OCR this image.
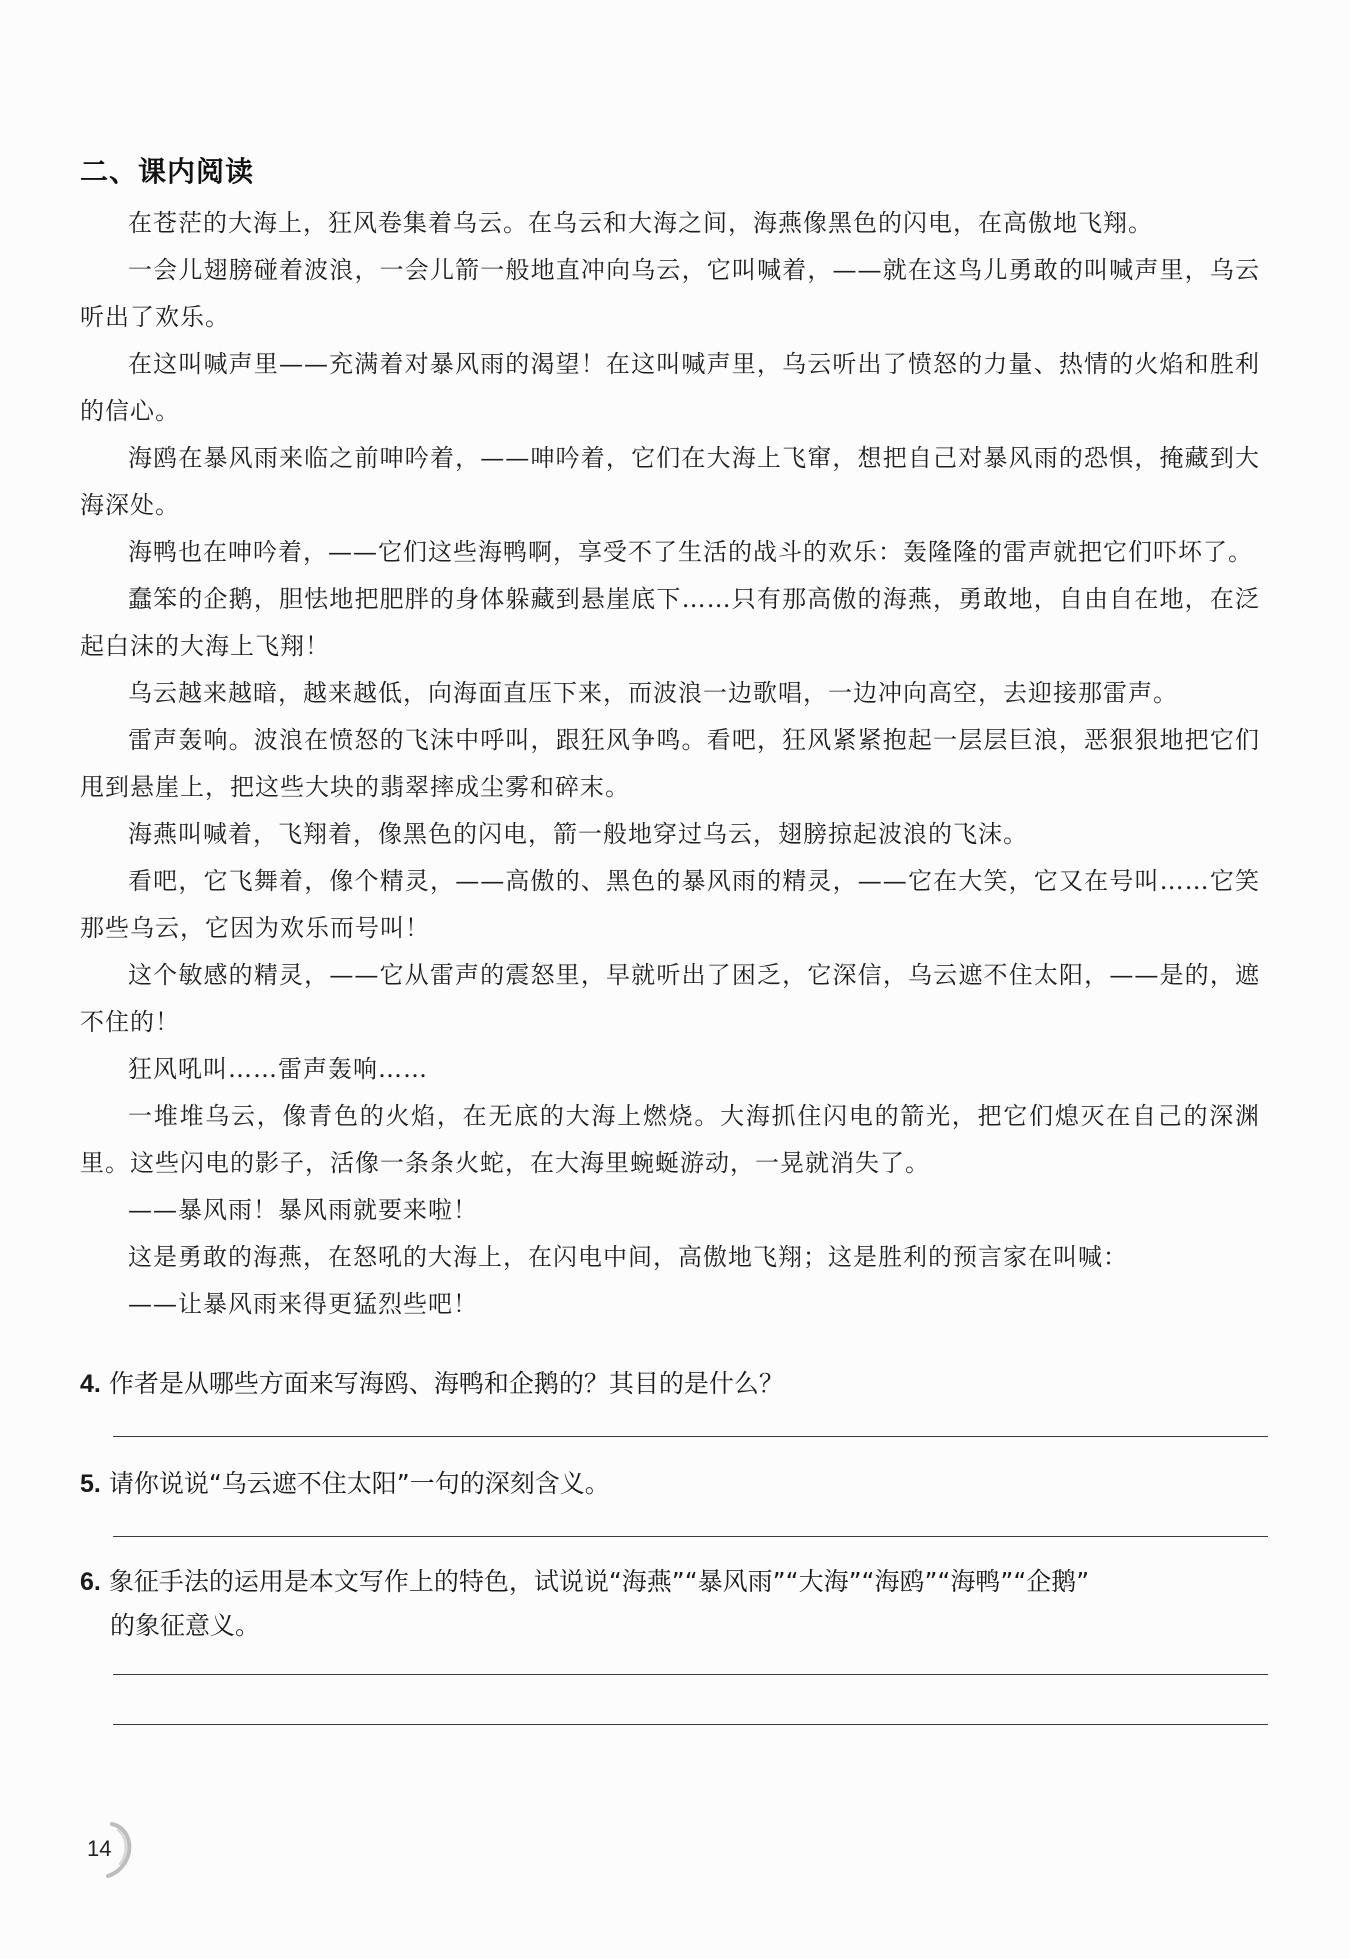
二、课内阅读

在苍茫的大海上，狂风卷集着乌云。在乌云和大海之间，海燕像黑色的闪电，在高傲地飞翔。

一会儿翅膀碰着波浪，一会儿箭一般地直冲向乌云，它叫喊着，——就在这鸟儿勇敢的叫喊声里，乌云听出了欢乐。

在这叫喊声里——充满着对暴风雨的渴望！在这叫喊声里，乌云听出了愤怒的力量、热情的火焰和胜利的信心。

海鸥在暴风雨来临之前呻吟着，——呻吟着，它们在大海上飞窜，想把自己对暴风雨的恐惧，掩藏到大海深处。

海鸭也在呻吟着，——它们这些海鸭啊，享受不了生活的战斗的欢乐：轰隆隆的雷声就把它们吓坏了。

蠢笨的企鹅，胆怯地把肥胖的身体躲藏到悬崖底下……只有那高傲的海燕，勇敢地，自由自在地，在泛起白沫的大海上飞翔！

乌云越来越暗，越来越低，向海面直压下来，而波浪一边歌唱，一边冲向高空，去迎接那雷声。

雷声轰响。波浪在愤怒的飞沫中呼叫，跟狂风争鸣。看吧，狂风紧紧抱起一层层巨浪，恶狠狠地把它们甩到悬崖上，把这些大块的翡翠摔成尘雾和碎末。

海燕叫喊着，飞翔着，像黑色的闪电，箭一般地穿过乌云，翅膀掠起波浪的飞沫。

看吧，它飞舞着，像个精灵，——高傲的、黑色的暴风雨的精灵，——它在大笑，它又在号叫……它笑那些乌云，它因为欢乐而号叫！

这个敏感的精灵，——它从雷声的震怒里，早就听出了困乏，它深信，乌云遮不住太阳，——是的，遮不住的！

狂风吼叫……雷声轰响……

一堆堆乌云，像青色的火焰，在无底的大海上燃烧。大海抓住闪电的箭光，把它们熄灭在自己的深渊里。这些闪电的影子，活像一条条火蛇，在大海里蜿蜒游动，一晃就消失了。

——暴风雨！暴风雨就要来啦！

这是勇敢的海燕，在怒吼的大海上，在闪电中间，高傲地飞翔；这是胜利的预言家在叫喊：

——让暴风雨来得更猛烈些吧！

4. 作者是从哪些方面来写海鸥、海鸭和企鹅的？其目的是什么？
5. 请你说说“乌云遮不住太阳”一句的深刻含义。
6. 象征手法的运用是本文写作上的特色，试说说“海燕”“暴风雨”“大海”“海鸥”“海鸭”“企鹅”
的象征意义。
14
